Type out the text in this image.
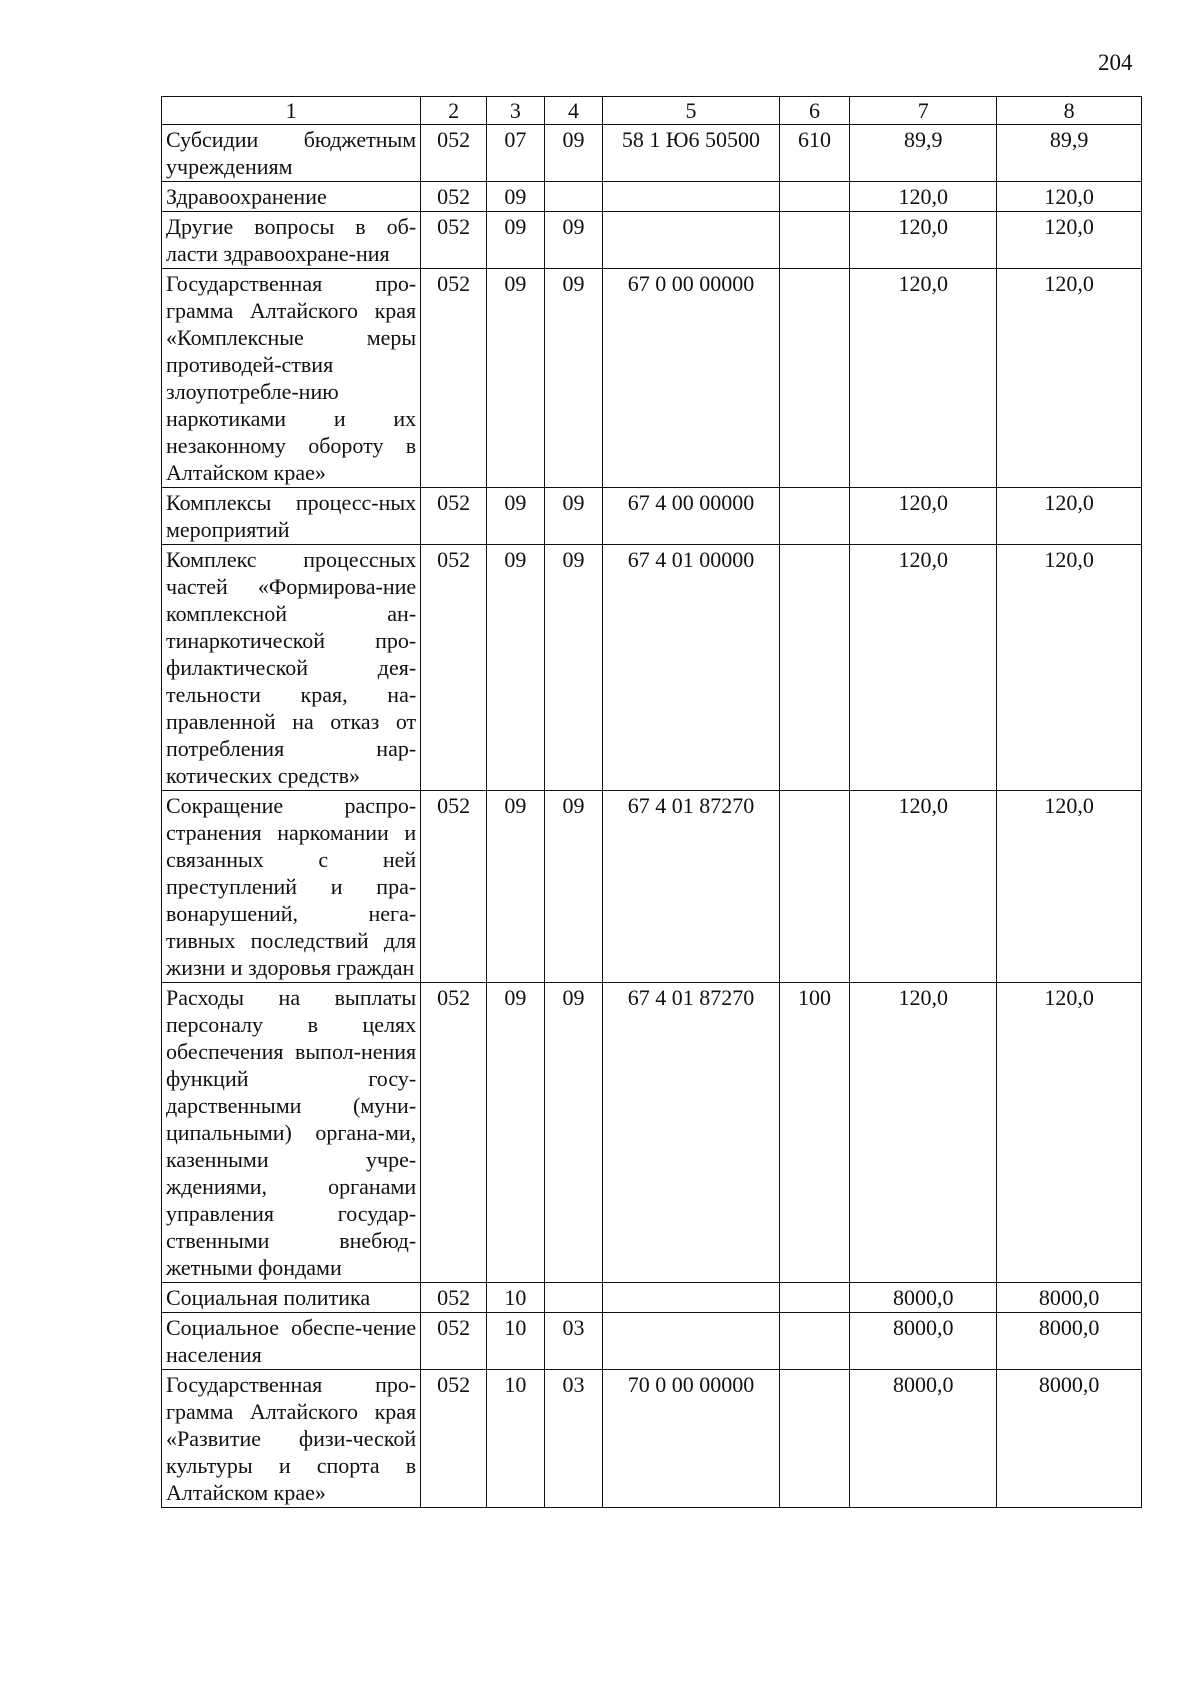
204
1	2	3	4	5	6	7	8
Субсидии бюджетным учреждениям	052	07	09	58 1 Ю6 50500	610	89,9	89,9
Здравоохранение	052	09				120,0	120,0
Другие вопросы в об-ласти здравоохране-ния	052	09	09			120,0	120,0
Государственная про-грамма Алтайского края «Комплексные меры противодей-ствия злоупотребле-нию наркотиками и их незаконному обороту в Алтайском крае»	052	09	09	67 0 00 00000		120,0	120,0
Комплексы процесс-ных мероприятий	052	09	09	67 4 00 00000		120,0	120,0
Комплекс процессных частей «Формирова-ние комплексной ан-тинаркотической про-филактической дея-тельности края, на-правленной на отказ от потребления нар-котических средств»	052	09	09	67 4 01 00000		120,0	120,0
Сокращение распро-странения наркомании и связанных с ней преступлений и пра-вонарушений, нега-тивных последствий для жизни и здоровья граждан	052	09	09	67 4 01 87270		120,0	120,0
Расходы на выплаты персоналу в целях обеспечения выпол-нения функций госу-дарственными (муни-ципальными) органа-ми, казенными учре-ждениями, органами управления государ-ственными внебюд-жетными фондами	052	09	09	67 4 01 87270	100	120,0	120,0
Социальная политика	052	10				8000,0	8000,0
Социальное обеспе-чение населения	052	10	03			8000,0	8000,0
Государственная про-грамма Алтайского края «Развитие физи-ческой культуры и спорта в Алтайском крае»	052	10	03	70 0 00 00000		8000,0	8000,0
